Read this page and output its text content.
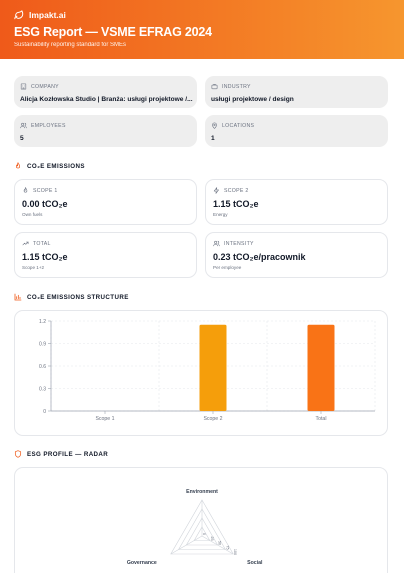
Impakt.ai
ESG Report — VSME EFRAG 2024
Sustainability reporting standard for SMEs
COMPANY
Alicja Kozłowska Studio | Branża: usługi projektowe /...
INDUSTRY
usługi projektowe / design
EMPLOYEES
5
LOCATIONS
1
CO₂E EMISSIONS
SCOPE 1
0.00 tCO₂e
Own fuels
SCOPE 2
1.15 tCO₂e
Energy
TOTAL
1.15 tCO₂e
Scope 1+2
INTENSITY
0.23 tCO₂e/pracownik
Per employee
CO₂E EMISSIONS STRUCTURE
0
0.3
0.6
0.9
1.2
Scope 1	Scope 2	Total
ESG PROFILE — RADAR
0
25
50
75
100
Environment
Social
Governance
